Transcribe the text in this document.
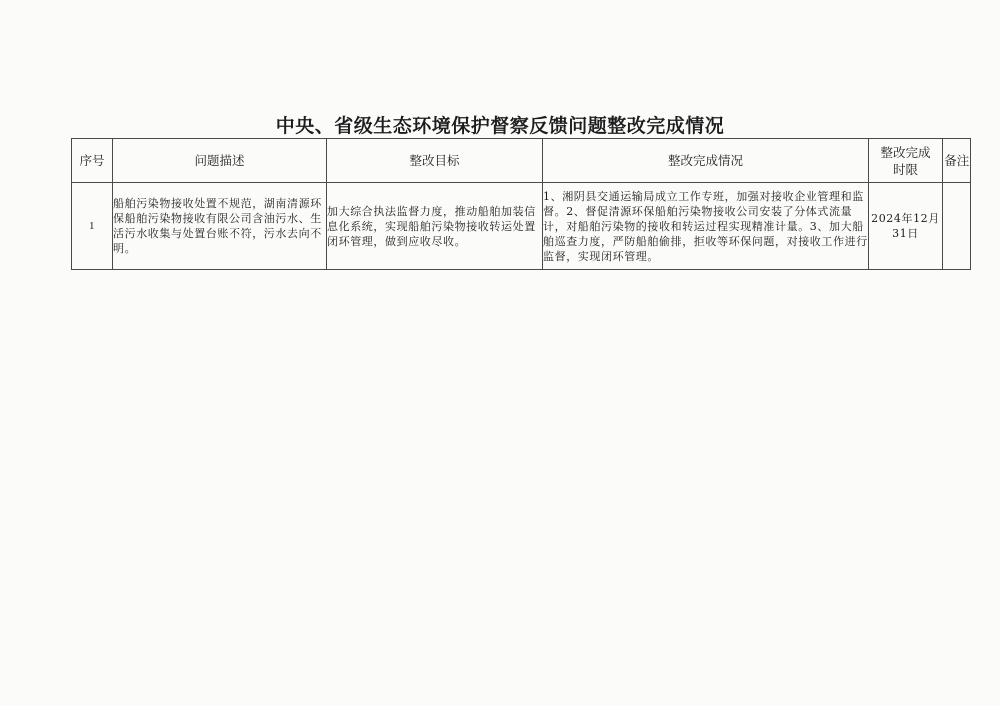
中央、省级生态环境保护督察反馈问题整改完成情况
序号	问题描述	整改目标	整改完成情况	整改完成时限	备注
1	船舶污染物接收处置不规范，湖南清源环保船舶污染物接收有限公司含油污水、生活污水收集与处置台账不符，污水去向不明。	加大综合执法监督力度，推动船舶加装信息化系统，实现船舶污染物接收转运处置闭环管理，做到应收尽收。	1、湘阴县交通运输局成立工作专班，加强对接收企业管理和监督。2、督促清源环保船舶污染物接收公司安装了分体式流量计，对船舶污染物的接收和转运过程实现精准计量。3、加大船舶巡查力度，严防船舶偷排，拒收等环保问题，对接收工作进行监督，实现闭环管理。	2024年12月31日	
